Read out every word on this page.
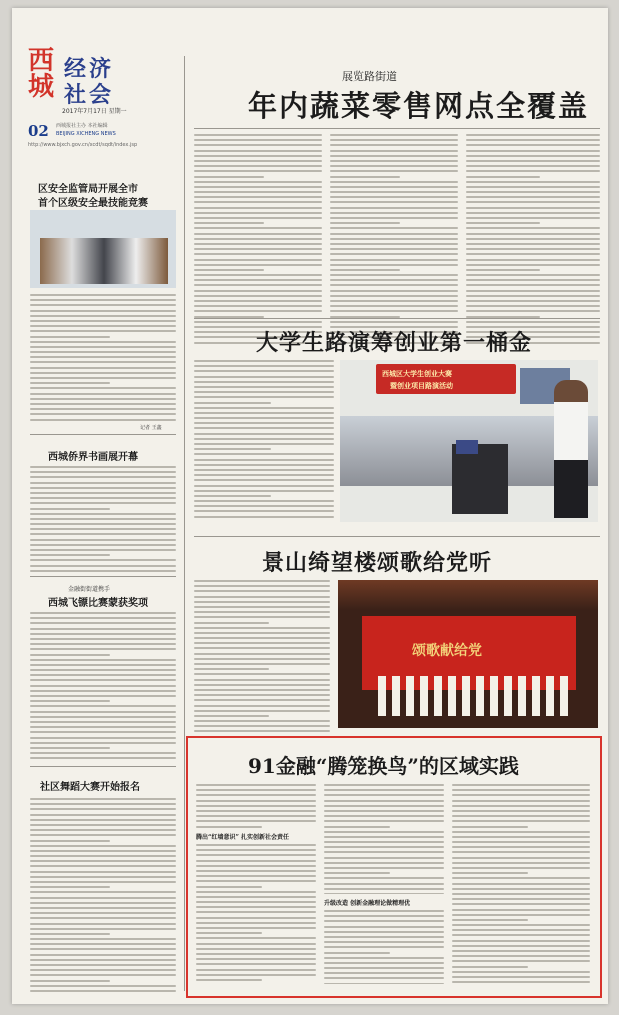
西城
经济
社会
2017年7月17日 星期一
02 西城报社主办 本社编辑
BEIJING XICHENG NEWS
http://www.bjxch.gov.cn/xcdt/sqdt/index.jsp
展览路街道
年内蔬菜零售网点全覆盖
大学生路演筹创业第一桶金
西城区大学生创业大赛
暨创业项目路演活动
景山绮望楼颂歌给党听
颂歌献给党
91金融“腾笼换鸟”的区域实践
腾出“红墙意识” 扎实创新社会责任
升级改造 创新金融理论做精理优
区安全监管局开展全市
首个区级安全最技能竞赛
记者 王鑫
西城侨界书画展开幕
金融街街道携手
西城飞镖比赛蒙获奖项
社区舞蹈大赛开始报名
